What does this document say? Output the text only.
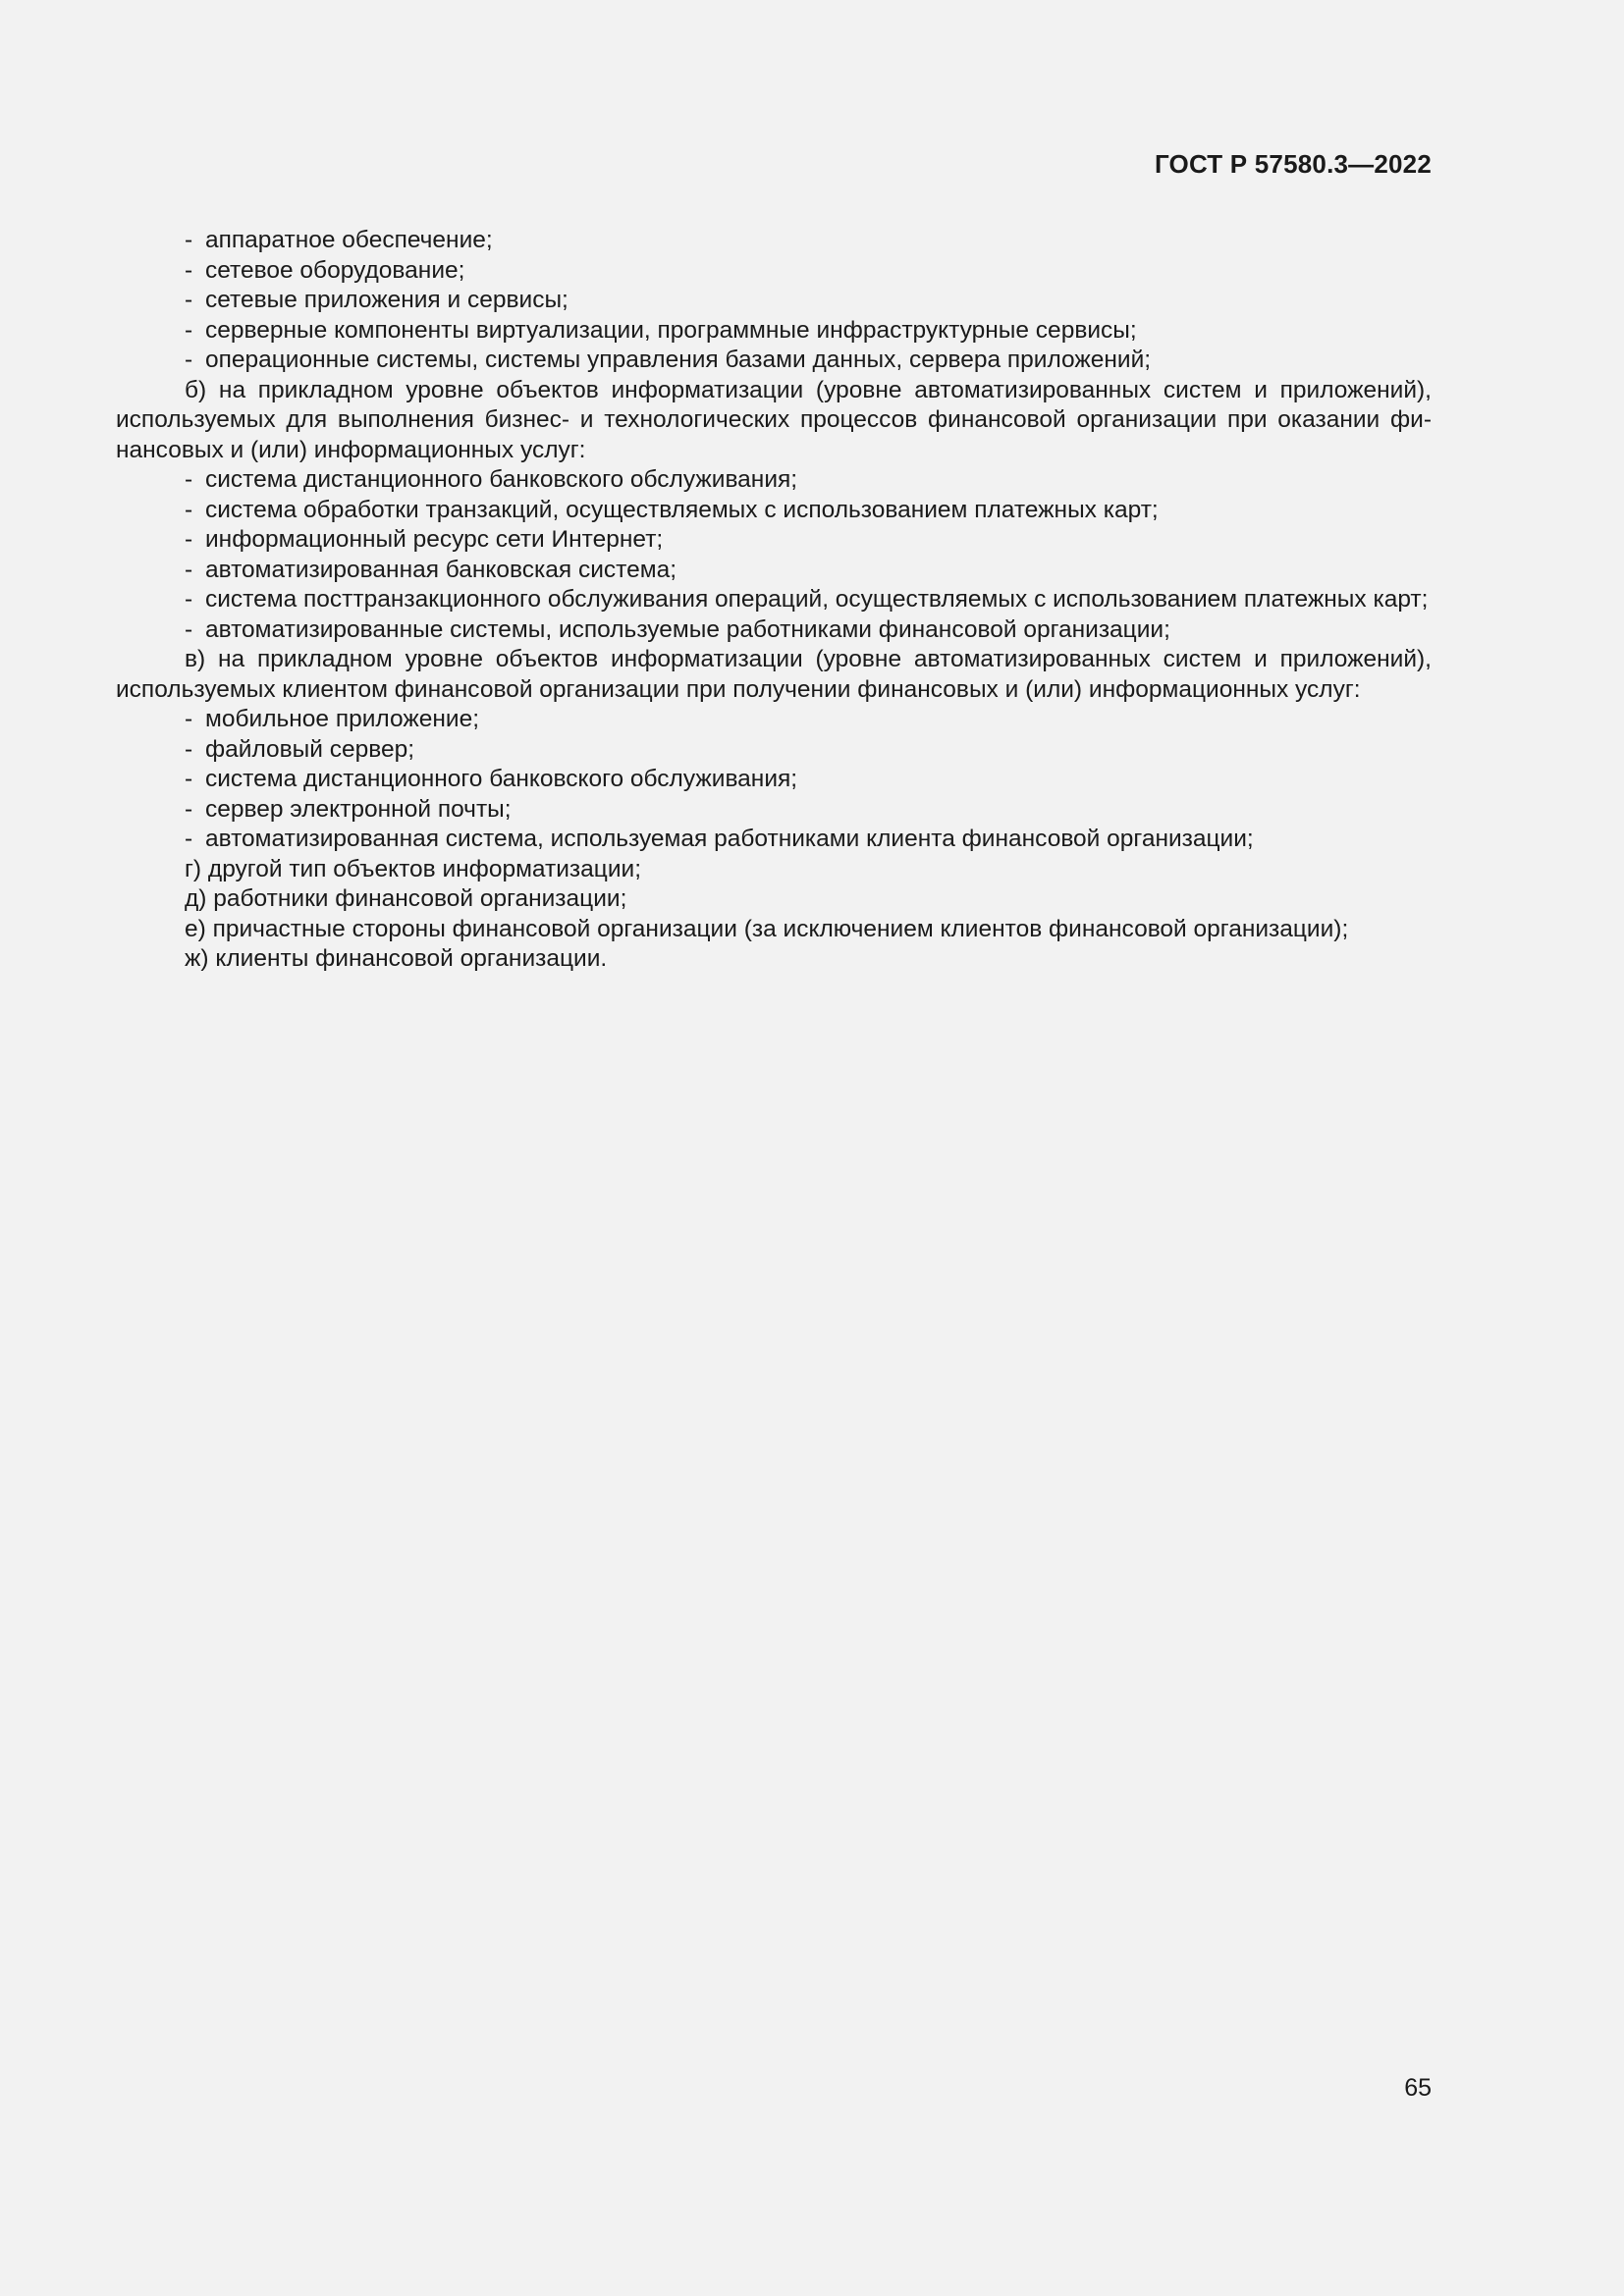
ГОСТ Р 57580.3—2022

- аппаратное обеспечение;

- сетевое оборудование;

- сетевые приложения и сервисы;

- серверные компоненты виртуализации, программные инфраструктурные сервисы;

- операционные системы, системы управления базами данных, сервера приложений;

б) на прикладном уровне объектов информатизации (уровне автоматизированных систем и приложений), используемых для выполнения бизнес- и технологических процессов финансовой организации при оказании финансовых и (или) информационных услуг:

- система дистанционного банковского обслуживания;

- система обработки транзакций, осуществляемых с использованием платежных карт;

- информационный ресурс сети Интернет;

- автоматизированная банковская система;

- система посттранзакционного обслуживания операций, осуществляемых с использованием платежных карт;

- автоматизированные системы, используемые работниками финансовой организации;

в) на прикладном уровне объектов информатизации (уровне автоматизированных систем и приложений), используемых клиентом финансовой организации при получении финансовых и (или) информационных услуг:

- мобильное приложение;

- файловый сервер;

- система дистанционного банковского обслуживания;

- сервер электронной почты;

- автоматизированная система, используемая работниками клиента финансовой организации;

г) другой тип объектов информатизации;

д) работники финансовой организации;

е) причастные стороны финансовой организации (за исключением клиентов финансовой организации);

ж) клиенты финансовой организации.

65
